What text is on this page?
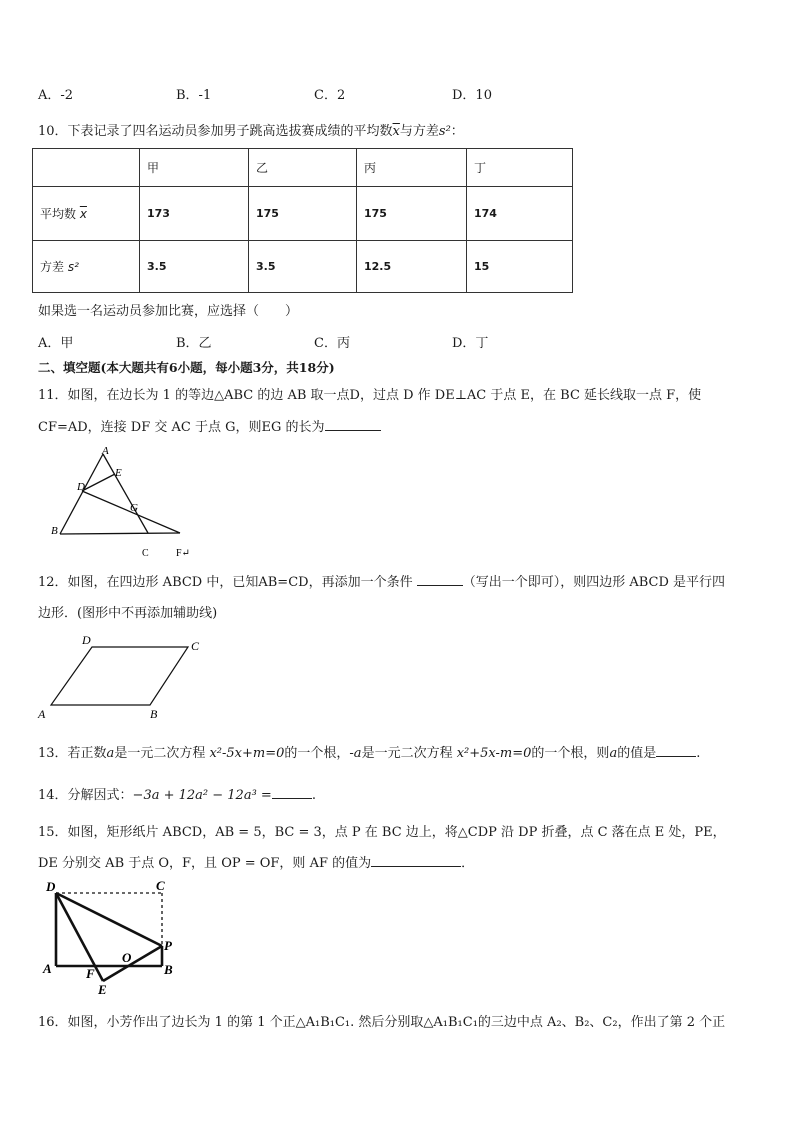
A．-2	B．-1	C．2	D．10
10．下表记录了四名运动员参加男子跳高选拔赛成绩的平均数$\overline{x}$与方差s²：
	甲	乙	丙	丁
平均数 $\overline{x}$	173	175	175	174
方差 s²	3.5	3.5	12.5	15
如果选一名运动员参加比赛，应选择（　　）
A．甲	B．乙	C．丙	D．丁
二、填空题(本大题共有6小题，每小题3分，共18分)
11．如图，在边长为 1 的等边△ABC 的边 AB 取一点D，过点 D 作 DE⊥AC 于点 E，在 BC 延长线取一点 F，使
CF=AD，连接 DF 交 AC 于点 G，则EG 的长为
A
E
D
G
B
C	F↵
12．如图，在四边形 ABCD 中，已知AB=CD，再添加一个条件	（写出一个即可），则四边形 ABCD 是平行四
边形．(图形中不再添加辅助线)
A	B
C
D
13．若正数a是一元二次方程 x²-5x+m=0的一个根，-a是一元二次方程 x²+5x-m=0的一个根，则a的值是	.
14．分解因式：−3a + 12a² − 12a³ =	.
15．如图，矩形纸片 ABCD，AB = 5，BC = 3，点 P 在 BC 边上，将△CDP 沿 DP 折叠，点 C 落在点 E 处，PE，
DE 分别交 AB 于点 O，F，且 OP = OF，则 AF 的值为	．
D	C
P
A	B
F
O
E
16．如图，小芳作出了边长为 1 的第 1 个正△A₁B₁C₁. 然后分别取△A₁B₁C₁的三边中点 A₂、B₂、C₂，作出了第 2 个正
